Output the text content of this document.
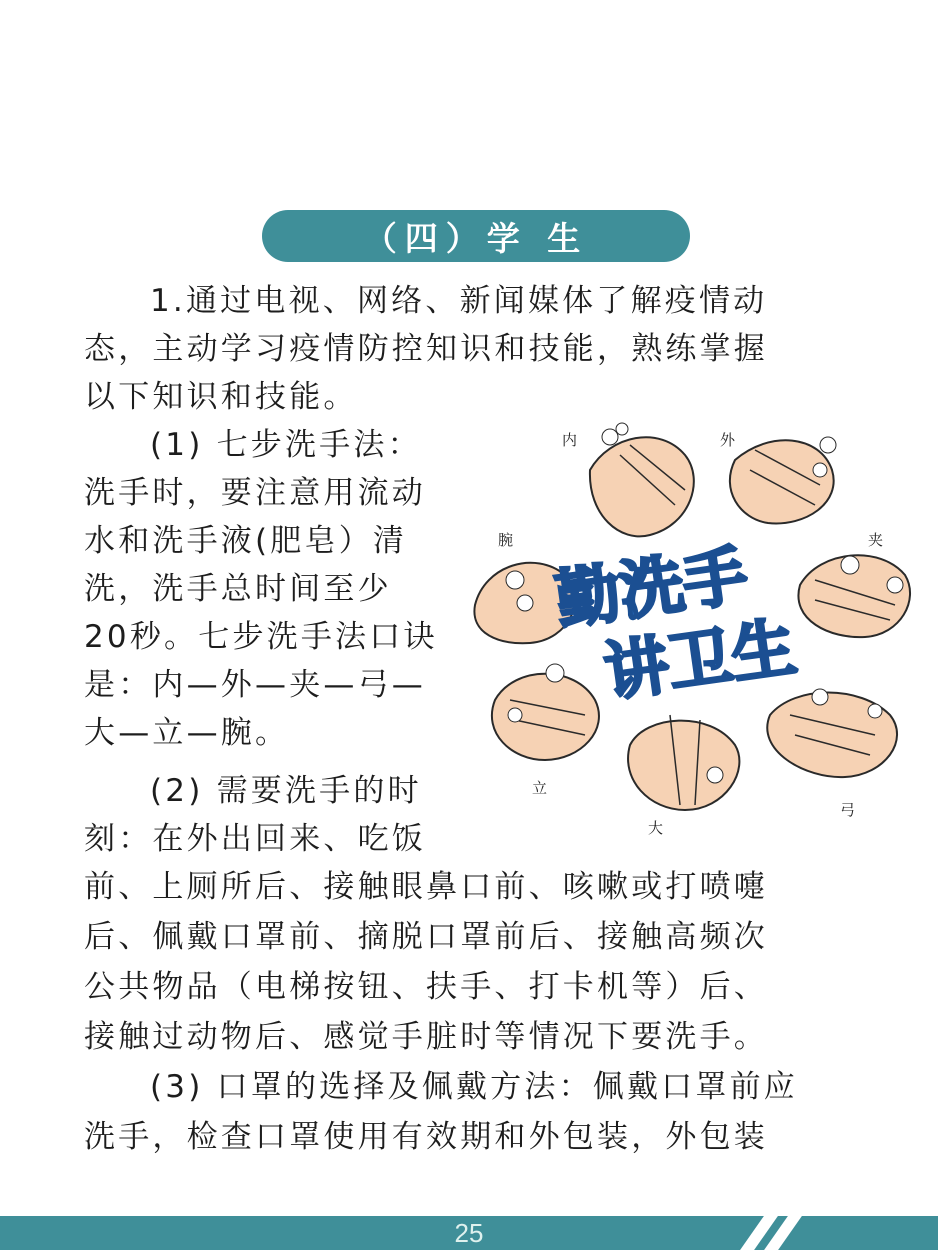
（四）学 生
1.通过电视、网络、新闻媒体了解疫情动
态，主动学习疫情防控知识和技能，熟练掌握
以下知识和技能。
(1) 七步洗手法：
洗手时，要注意用流动
水和洗手液(肥皂）清
洗，洗手总时间至少
20秒。七步洗手法口诀
是：内—外—夹—弓—
大—立—腕。
(2) 需要洗手的时
刻：在外出回来、吃饭
前、上厕所后、接触眼鼻口前、咳嗽或打喷嚏
后、佩戴口罩前、摘脱口罩前后、接触高频次
公共物品（电梯按钮、扶手、打卡机等）后、
接触过动物后、感觉手脏时等情况下要洗手。
(3) 口罩的选择及佩戴方法：佩戴口罩前应
洗手，检查口罩使用有效期和外包装，外包装
内	外
夹
弓
大
立
腕 勤洗手
讲卫生
25
